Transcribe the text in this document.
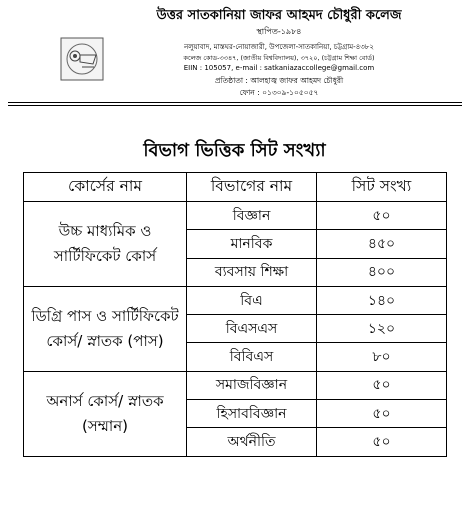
উত্তর সাতকানিয়া জাফর আহমদ চৌধুরী কলেজ
স্থাপিত-১৯৮৪
নলুয়াবাদ, মাস্তঘর-নোয়াজারী, উপজেলা-সাতকানিয়া, চট্টগ্রাম-৪৩৮২
কলেজ কোড-৩৩৪৭, (জাতীয় বিশ্ববিদ্যালয়), ৩৭২০, (চট্টগ্রাম শিক্ষা বোর্ড)
EIIN : 105057, e-mail : satkaniazaccollege@gmail.com
প্রতিষ্ঠাতা : আলহাজ্ব জাফর আহমদ চৌধুরী
ফোন : ০১৩০৯-১০৫০৫৭
বিভাগ ভিত্তিক সিট সংখ্যা
কোর্সের নাম	বিভাগের নাম	সিট সংখ্য
উচ্চ মাধ্যমিক ও সার্টিফিকেট কোর্স	বিজ্ঞান	৫০
	মানবিক	৪৫০
	ব্যবসায় শিক্ষা	৪০০
ডিগ্রি পাস ও সার্টিফিকেট কোর্স/ স্নাতক (পাস)	বিএ	১৪০
	বিএসএস	১২০
	বিবিএস	৮০
অনার্স কোর্স/ স্নাতক (সম্মান)	সমাজবিজ্ঞান	৫০
	হিসাববিজ্ঞান	৫০
	অর্থনীতি	৫০
